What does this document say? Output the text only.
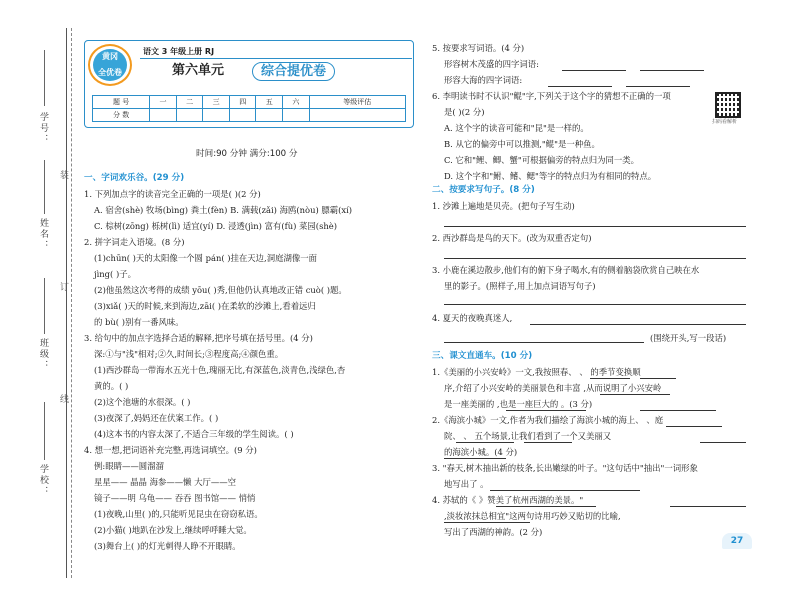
学号：
姓名：
班级：
学校：
装
订
线
黄冈
全优卷
语文 3 年级上册 RJ
第六单元	综合提优卷
题 号	一	二	三	四	五	六	等级评估
分 数							
时间:90 分钟 满分:100 分
一、字词欢乐谷。(29 分)
1. 下列加点字的读音完全正确的一项是( )(2 分)
A. 宿舍(shè) 牧场(bìng) 粪土(fèn) B. 满载(zǎi) 海鸥(nòu) 膘霸(xí)
C. 棕树(zōng) 栎树(lì) 适宜(yí) D. 浸透(jìn) 富有(fù) 菜园(shè)
2. 拼字词走入语境。(8 分)
(1)chūn( )天的太阳像一个圆 pán( )挂在天边,洞庭湖像一面
jìng( )子。
(2)他虽然这次考得的成绩 yōu( )秀,但他仍认真地改正错 cuò( )题。
(3)xiǎ( )天的时候,来到海边,zāi( )在柔软的沙滩上,看着远归
的 bù( )别有一番风味。
3. 给句中的加点字选择合适的解释,把序号填在括号里。(4 分)
深:①与"浅"相对;②久,时间长;③程度高;④颜色重。
(1)西沙群岛一带海水五光十色,瑰丽无比,有深蓝色,淡青色,浅绿色,杏
黄的。( )
(2)这个池塘的水很深。( )
(3)夜深了,妈妈还在伏案工作。( )
(4)这本书的内容太深了,不适合三年级的学生阅读。( )
4. 想一想,把词语补充完整,再选词填空。(9 分)
例:眼睛——圆溜溜
星星—— 晶晶 海参——懒 大厅——空
镜子——明 乌龟—— 吞吞 图书馆—— 悄悄
(1)夜晚,山里( )的,只能听见昆虫在窃窃私语。
(2)小猫( )地趴在沙发上,继续呼呼睡大觉。
(3)舞台上( )的灯光刺得人睁不开眼睛。
5. 按要求写词语。(4 分)
形容树木茂盛的四字词语:
形容大海的四字词语:
6. 李明读书时不认识"鲲"字,下列关于这个字的猜想不正确的一项
是( )(2 分)
A. 这个字的读音可能和"昆"是一样的。
B. 从它的偏旁中可以推测,"鲲"是一种鱼。
C. 它和"鲤、鲫、蟹"可根据偏旁的特点归为同一类。
D. 这个字和"鲋、鳍、鳃"等字的特点归为有相同的特点。
扫码看解析
二、按要求写句子。(8 分)
1. 沙滩上遍地是贝壳。(把句子写生动)
2. 西沙群岛是鸟的天下。(改为双重否定句)
3. 小鹿在溪边散步,他们有的俯下身子喝水,有的侧着脑袋欣赏自己映在水
里的影子。(照样子,用上加点词语写句子)
4. 夏天的夜晚真迷人,
(围绕开头,写一段话)
三、课文直通车。(10 分)
1.《美丽的小兴安岭》一文,我按照春、 、 的季节变换顺
序,介绍了小兴安岭的美丽景色和丰富 ,从而说明了小兴安岭
是一座美丽的 ,也是一座巨大的 。(3 分)
2.《海滨小城》一文,作者为我们描绘了海滨小城的海上、 、庭
院、 、 五个场景,让我们看到了一个又美丽又
的海滨小城。(4 分)
3. "春天,树木抽出新的枝条,长出嫩绿的叶子。"这句话中"抽出"一词形象
地写出了 。
4. 苏轼的《 》赞美了杭州西湖的美景。"
,淡妆浓抹总相宜"这两句诗用巧妙又贴切的比喻,
写出了西湖的神韵。(2 分)
27
